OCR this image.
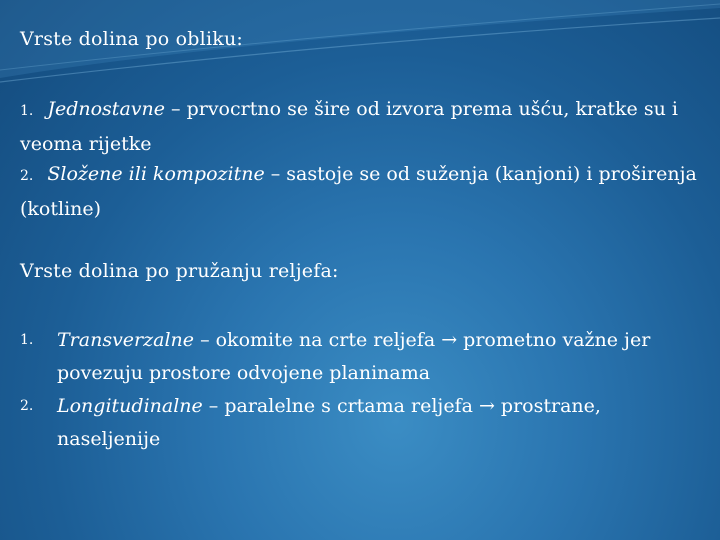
Vrste dolina po obliku:
1. Jednostavne – prvocrtno se šire od izvora prema ušću, kratke su i veoma rijetke
2. Složene ili kompozitne – sastoje se od suženja (kanjoni) i proširenja (kotline)
Vrste dolina po pružanju reljefa:
1.	Transverzalne – okomite na crte reljefa → prometno važne jer povezuju prostore odvojene planinama
2.	Longitudinalne – paralelne s crtama reljefa → prostrane, naseljenije
